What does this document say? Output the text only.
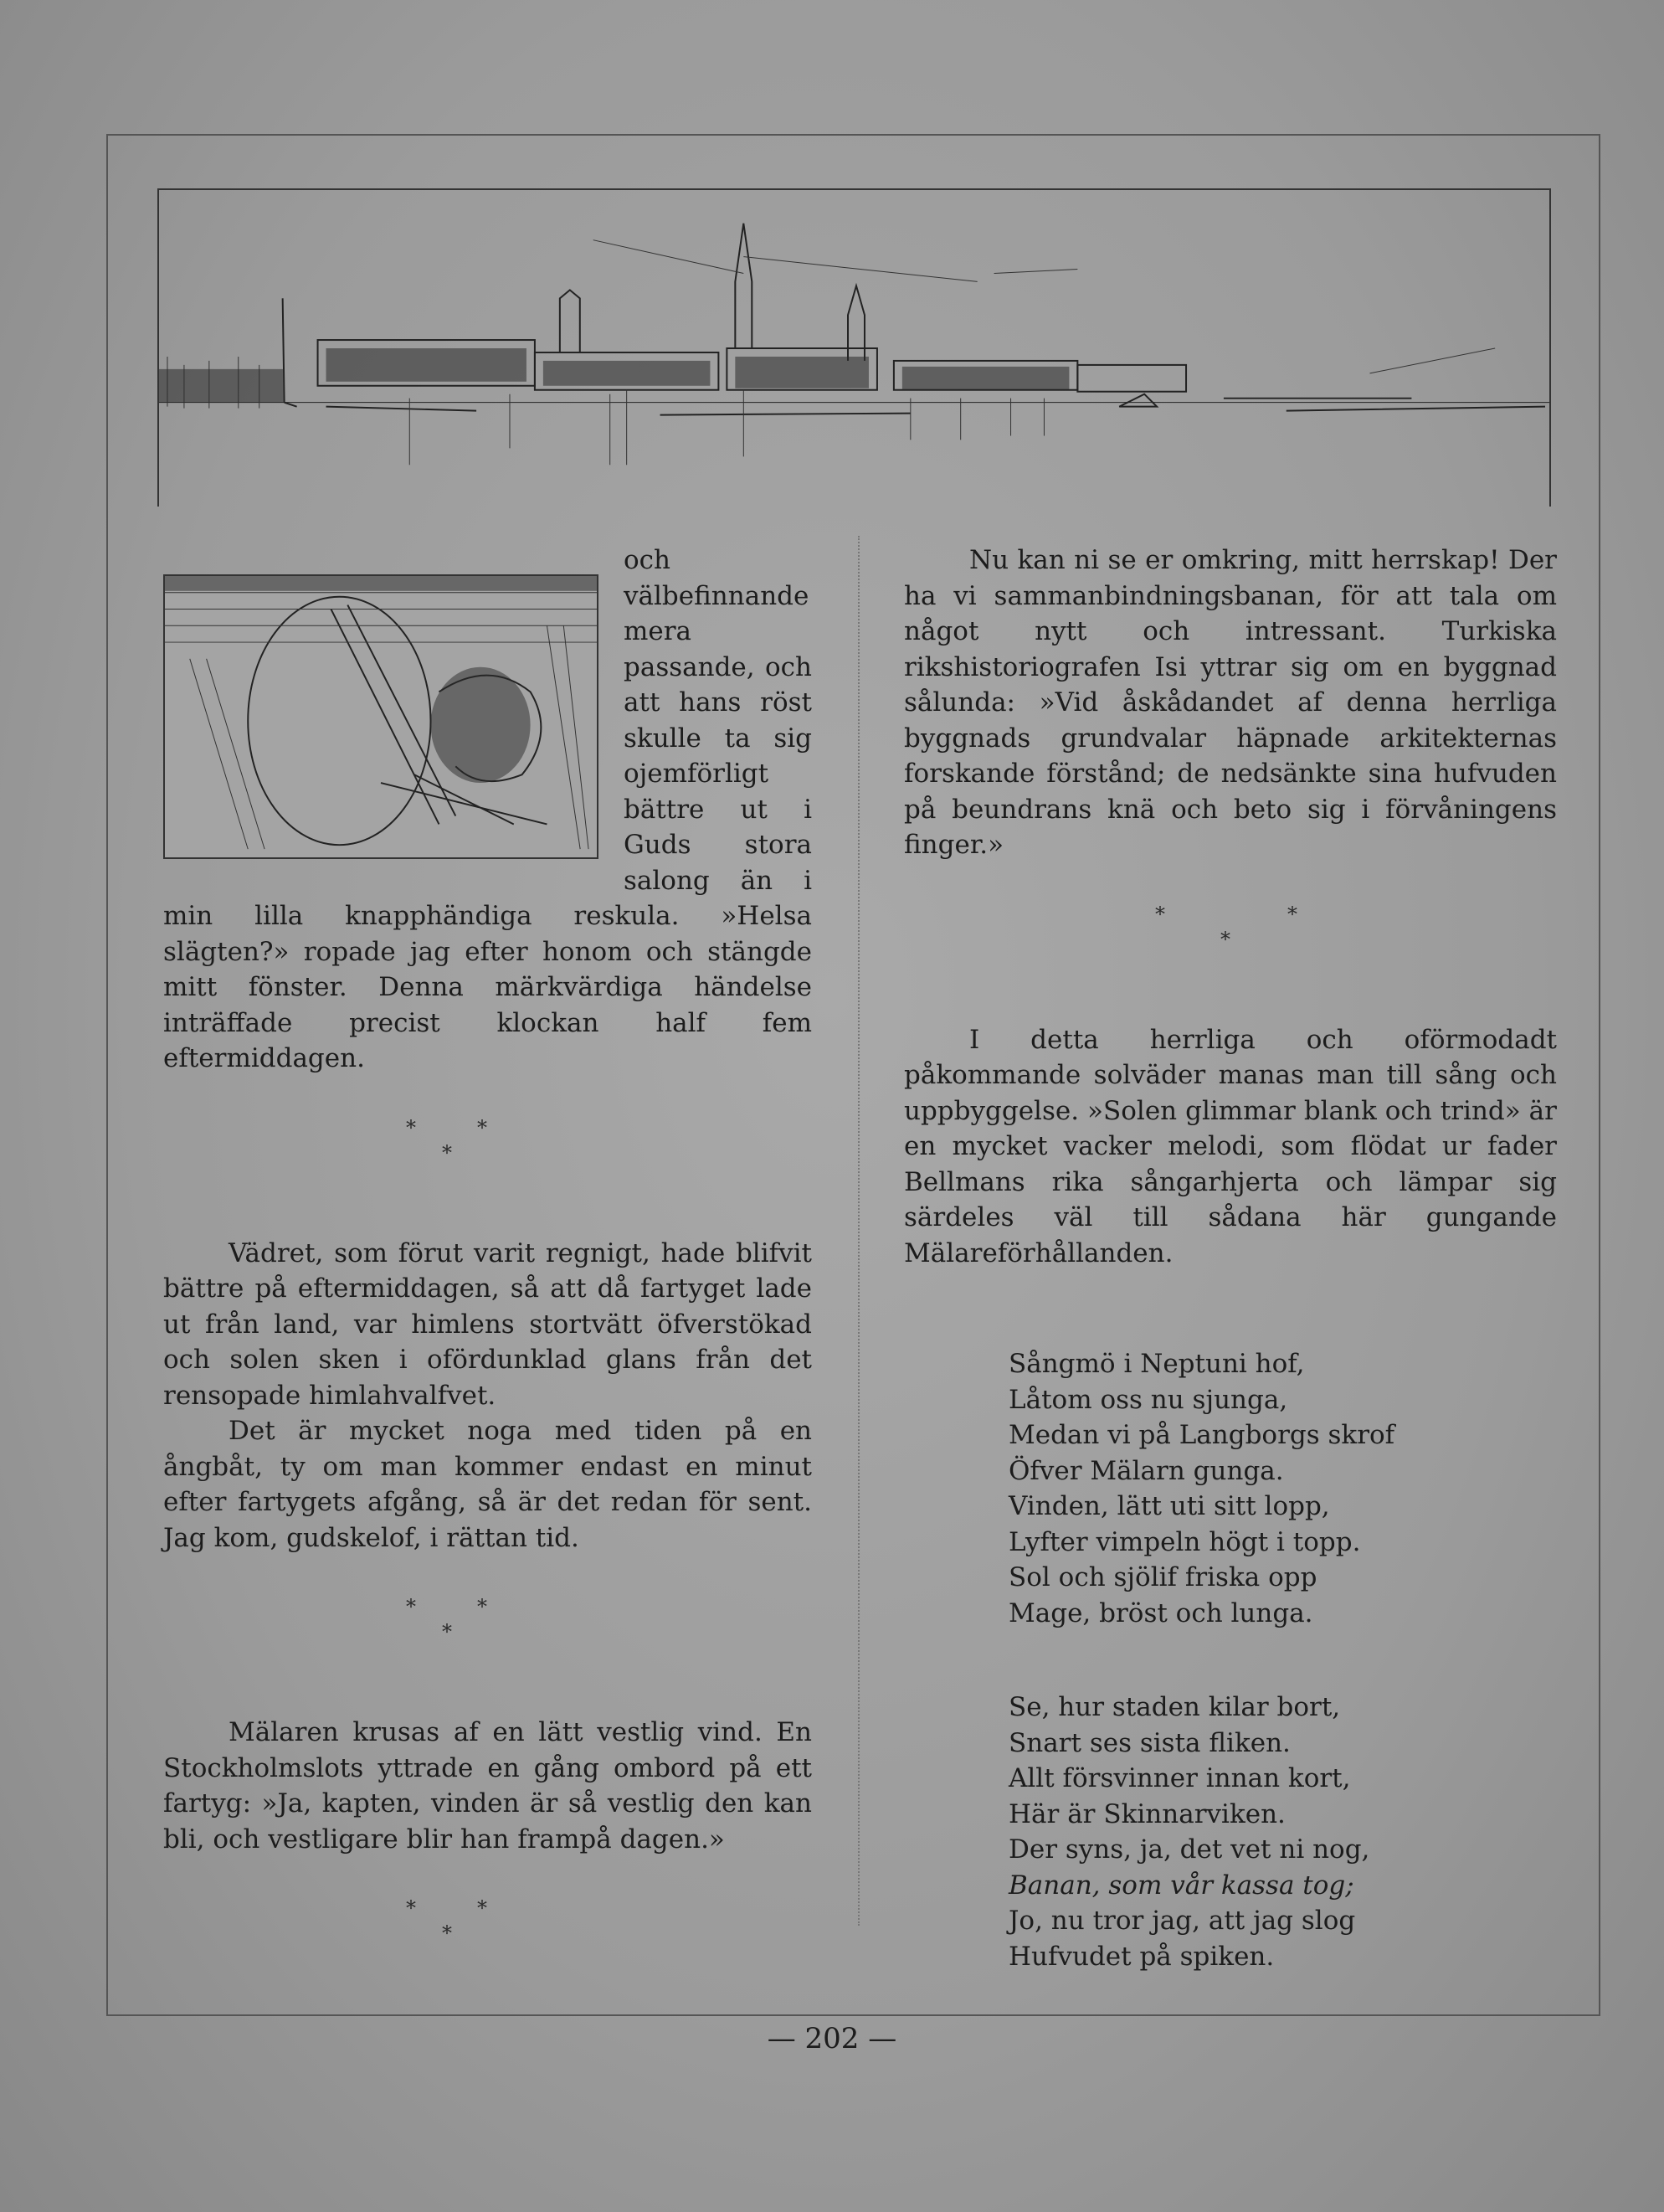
och välbefinnande mera passande, och att hans röst skulle ta sig ojemförligt bättre ut i Guds stora salong än i min lilla knapphändiga reskula. »Helsa slägten?» ropade jag efter honom och stängde mitt fönster. Denna märkvärdiga händelse inträffade precist klockan half fem eftermiddagen.

*	*
*

Vädret, som förut varit regnigt, hade blifvit bättre på eftermiddagen, så att då fartyget lade ut från land, var himlens stortvätt öfverstökad och solen sken i ofördunklad glans från det rensopade himlahvalfvet.

Det är mycket noga med tiden på en ångbåt, ty om man kommer endast en minut efter fartygets afgång, så är det redan för sent. Jag kom, gudskelof, i rättan tid.

*	*
*

Mälaren krusas af en lätt vestlig vind. En Stockholmslots yttrade en gång ombord på ett fartyg: »Ja, kapten, vinden är så vestlig den kan bli, och vestligare blir han frampå dagen.»

*	*
*

Nu kan ni se er omkring, mitt herrskap! Der ha vi sammanbindningsbanan, för att tala om något nytt och intressant. Turkiska rikshistoriografen Isi yttrar sig om en byggnad sålunda: »Vid åskådandet af denna herrliga byggnads grundvalar häpnade arkitekternas forskande förstånd; de nedsänkte sina hufvuden på beundrans knä och beto sig i förvåningens finger.»

*	*
*

I detta herrliga och oförmodadt påkommande solväder manas man till sång och uppbyggelse. »Solen glimmar blank och trind» är en mycket vacker melodi, som flödat ur fader Bellmans rika sångarhjerta och lämpar sig särdeles väl till sådana här gungande Mälareförhållanden.

Sångmö i Neptuni hof,
Låtom oss nu sjunga,
Medan vi på Langborgs skrof
Öfver Mälarn gunga.
Vinden, lätt uti sitt lopp,
Lyfter vimpeln högt i topp.
Sol och sjölif friska opp
Mage, bröst och lunga.
Se, hur staden kilar bort,
Snart ses sista fliken.
Allt försvinner innan kort,
Här är Skinnarviken.
Der syns, ja, det vet ni nog,
Banan, som vår kassa tog;
Jo, nu tror jag, att jag slog
Hufvudet på spiken.
— 202 —
